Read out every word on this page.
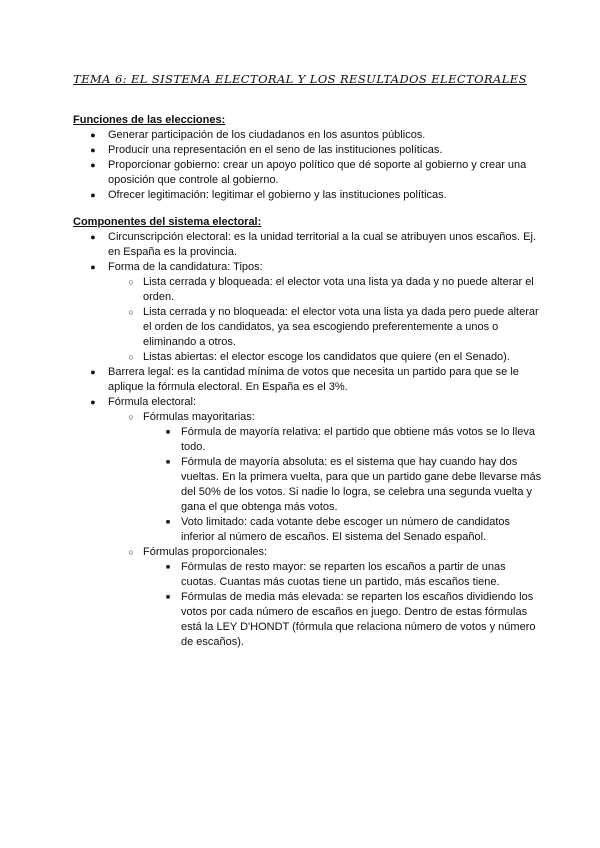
TEMA 6: EL SISTEMA ELECTORAL Y LOS RESULTADOS ELECTORALES

Funciones de las elecciones:

● Generar participación de los ciudadanos en los asuntos públicos.
● Producir una representación en el seno de las instituciones políticas.
● Proporcionar gobierno: crear un apoyo político que dé soporte al gobierno y crear una oposición que controle al gobierno.
● Ofrecer legitimación: legitimar el gobierno y las instituciones políticas.

Componentes del sistema electoral:

● Circunscripción electoral: es la unidad territorial a la cual se atribuyen unos escaños. Ej. en España es la provincia.
● Forma de la candidatura: Tipos:
○ Lista cerrada y bloqueada: el elector vota una lista ya dada y no puede alterar el orden.
○ Lista cerrada y no bloqueada: el elector vota una lista ya dada pero puede alterar el orden de los candidatos, ya sea escogiendo preferentemente a unos o eliminando a otros.
○ Listas abiertas: el elector escoge los candidatos que quiere (en el Senado).
● Barrera legal: es la cantidad mínima de votos que necesita un partido para que se le aplique la fórmula electoral. En España es el 3%.
● Fórmula electoral:
○ Fórmulas mayoritarias:
■ Fórmula de mayoría relativa: el partido que obtiene más votos se lo lleva todo.
■ Fórmula de mayoría absoluta: es el sistema que hay cuando hay dos vueltas. En la primera vuelta, para que un partido gane debe llevarse más del 50% de los votos. Si nadie lo logra, se celebra una segunda vuelta y gana el que obtenga más votos.
■ Voto limitado: cada votante debe escoger un número de candidatos inferior al número de escaños. El sistema del Senado español.
○ Fórmulas proporcionales:
■ Fórmulas de resto mayor: se reparten los escaños a partir de unas cuotas. Cuantas más cuotas tiene un partido, más escaños tiene.
■ Fórmulas de media más elevada: se reparten los escaños dividiendo los votos por cada número de escaños en juego. Dentro de estas fórmulas está la LEY D'HONDT (fórmula que relaciona número de votos y número de escaños).
